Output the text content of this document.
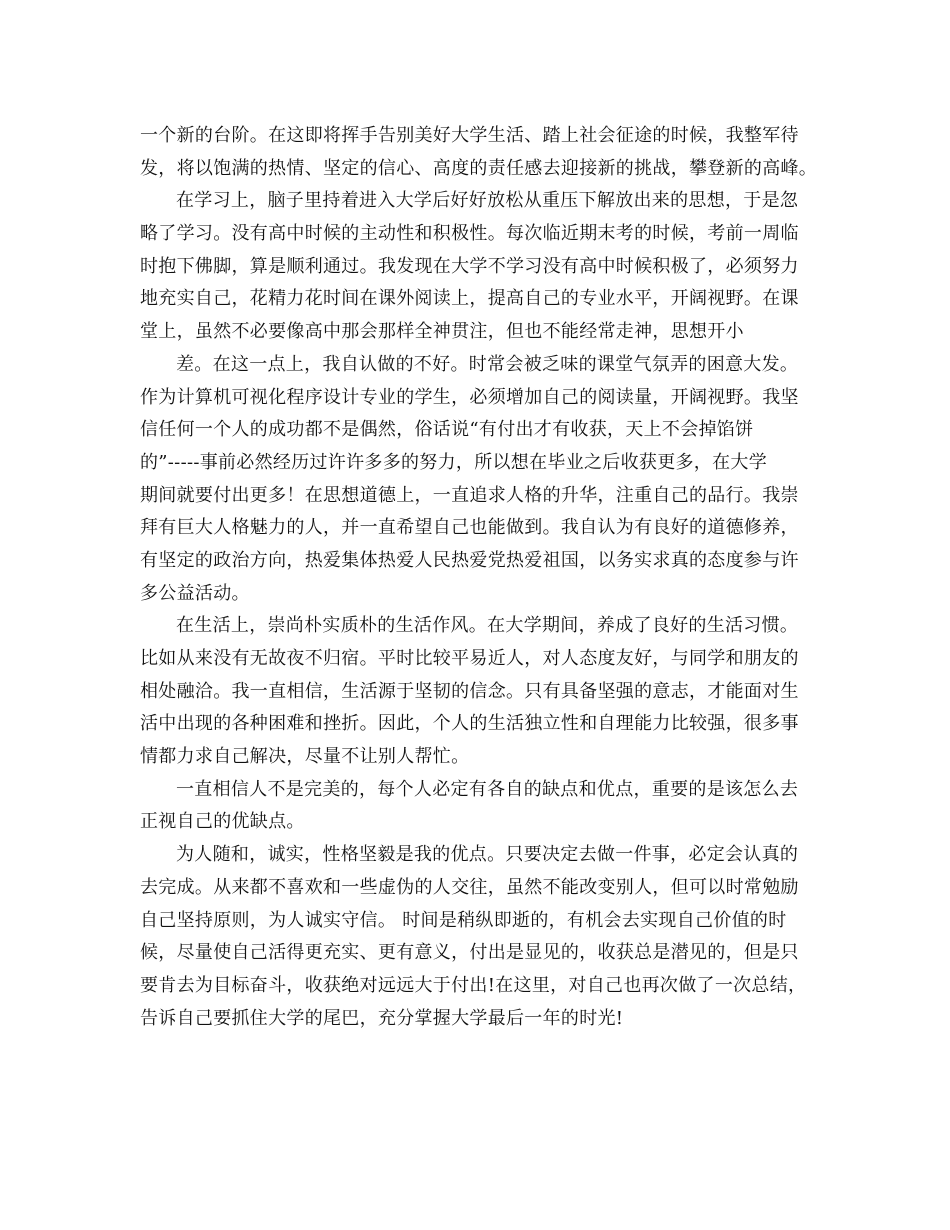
一个新的台阶。在这即将挥手告别美好大学生活、踏上社会征途的时候，我整军待
发，将以饱满的热情、坚定的信心、高度的责任感去迎接新的挑战，攀登新的高峰。
在学习上，脑子里持着进入大学后好好放松从重压下解放出来的思想，于是忽
略了学习。没有高中时候的主动性和积极性。每次临近期末考的时候，考前一周临
时抱下佛脚，算是顺利通过。我发现在大学不学习没有高中时候积极了，必须努力
地充实自己，花精力花时间在课外阅读上，提高自己的专业水平，开阔视野。在课
堂上，虽然不必要像高中那会那样全神贯注，但也不能经常走神，思想开小
差。在这一点上，我自认做的不好。时常会被乏味的课堂气氛弄的困意大发。
作为计算机可视化程序设计专业的学生，必须增加自己的阅读量，开阔视野。我坚
信任何一个人的成功都不是偶然，俗话说“有付出才有收获，天上不会掉馅饼
的”-----事前必然经历过许许多多的努力，所以想在毕业之后收获更多，在大学
期间就要付出更多！在思想道德上，一直追求人格的升华，注重自己的品行。我崇
拜有巨大人格魅力的人，并一直希望自己也能做到。我自认为有良好的道德修养，
有坚定的政治方向，热爱集体热爱人民热爱党热爱祖国，以务实求真的态度参与许
多公益活动。
在生活上，崇尚朴实质朴的生活作风。在大学期间，养成了良好的生活习惯。
比如从来没有无故夜不归宿。平时比较平易近人，对人态度友好，与同学和朋友的
相处融洽。我一直相信，生活源于坚韧的信念。只有具备坚强的意志，才能面对生
活中出现的各种困难和挫折。因此，个人的生活独立性和自理能力比较强，很多事
情都力求自己解决，尽量不让别人帮忙。
一直相信人不是完美的，每个人必定有各自的缺点和优点，重要的是该怎么去
正视自己的优缺点。
为人随和，诚实，性格坚毅是我的优点。只要决定去做一件事，必定会认真的
去完成。从来都不喜欢和一些虚伪的人交往，虽然不能改变别人，但可以时常勉励
自己坚持原则，为人诚实守信。 时间是稍纵即逝的，有机会去实现自己价值的时
候，尽量使自己活得更充实、更有意义，付出是显见的，收获总是潜见的，但是只
要肯去为目标奋斗，收获绝对远远大于付出!在这里，对自己也再次做了一次总结，
告诉自己要抓住大学的尾巴，充分掌握大学最后一年的时光!
